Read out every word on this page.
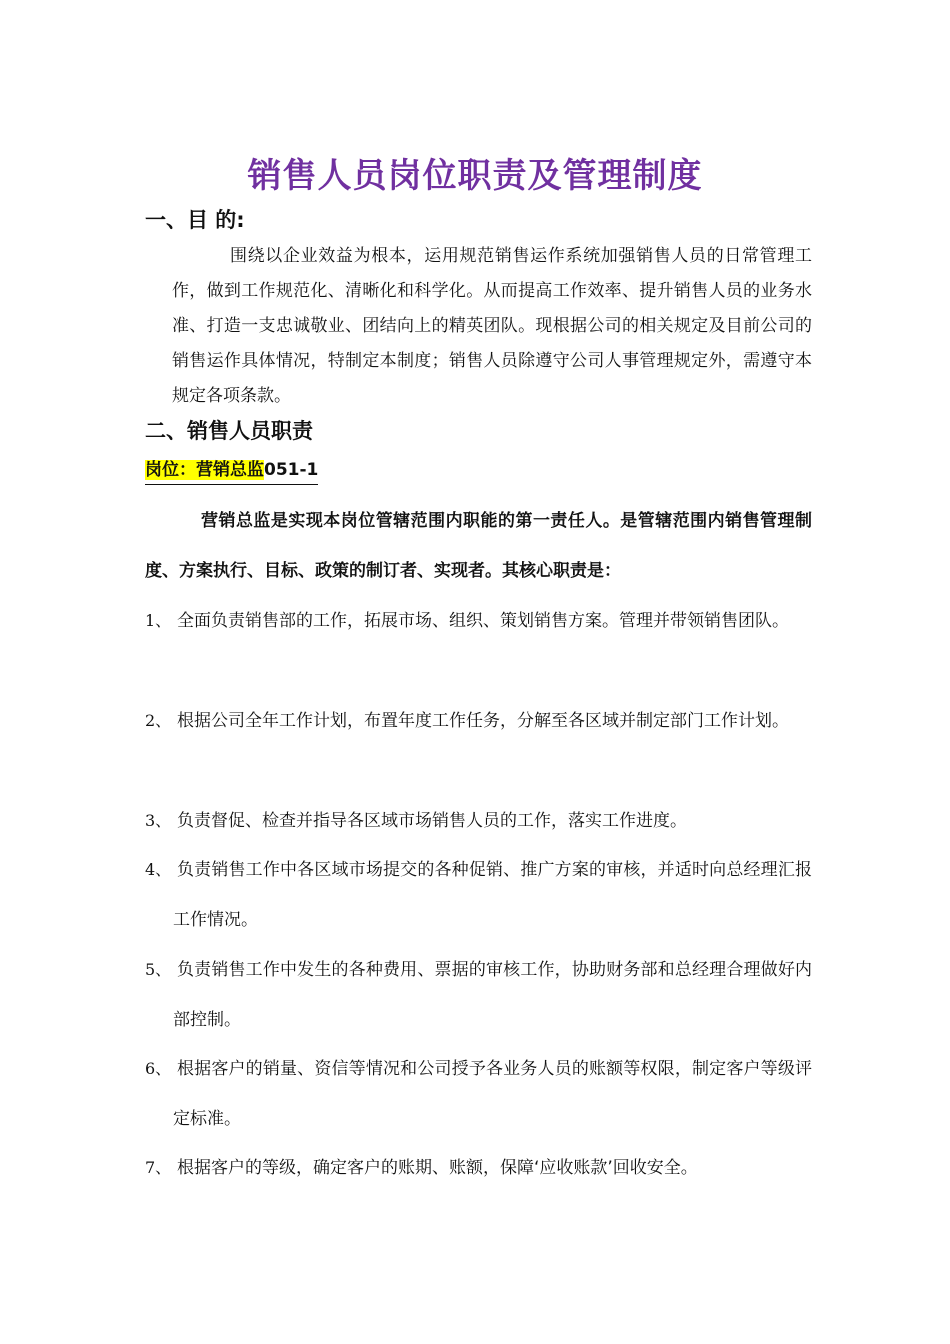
销售人员岗位职责及管理制度
一、目 的:
围绕以企业效益为根本，运用规范销售运作系统加强销售人员的日常管理工作，做到工作规范化、清晰化和科学化。从而提高工作效率、提升销售人员的业务水准、打造一支忠诚敬业、团结向上的精英团队。现根据公司的相关规定及目前公司的销售运作具体情况，特制定本制度；销售人员除遵守公司人事管理规定外，需遵守本规定各项条款。
二、销售人员职责
岗位：营销总监051-1
营销总监是实现本岗位管辖范围内职能的第一责任人。是管辖范围内销售管理制度、方案执行、目标、政策的制订者、实现者。其核心职责是：
1、 全面负责销售部的工作，拓展市场、组织、策划销售方案。管理并带领销售团队。
2、 根据公司全年工作计划，布置年度工作任务，分解至各区域并制定部门工作计划。
3、 负责督促、检查并指导各区域市场销售人员的工作，落实工作进度。
4、 负责销售工作中各区域市场提交的各种促销、推广方案的审核，并适时向总经理汇报工作情况。
5、 负责销售工作中发生的各种费用、票据的审核工作，协助财务部和总经理合理做好内部控制。
6、 根据客户的销量、资信等情况和公司授予各业务人员的账额等权限，制定客户等级评定标准。
7、 根据客户的等级，确定客户的账期、账额，保障‘应收账款’回收安全。
